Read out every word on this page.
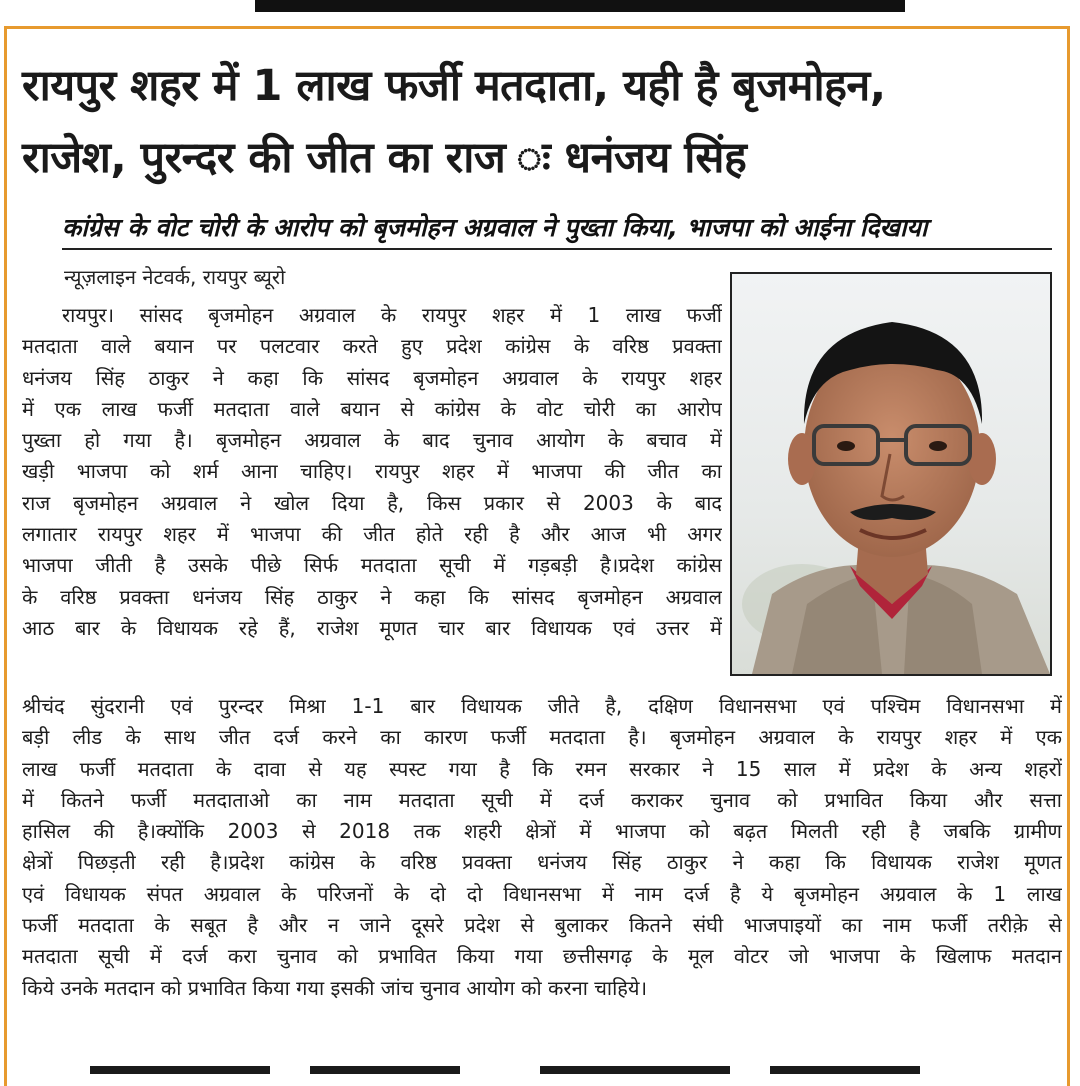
रायपुर शहर में 1 लाख फर्जी मतदाता, यही है बृजमोहन,
राजेश, पुरन्दर की जीत का राज ः धनंजय सिंह
कांग्रेस के वोट चोरी के आरोप को बृजमोहन अग्रवाल ने पुख्ता किया, भाजपा को आईना दिखाया
न्यूज़लाइन नेटवर्क, रायपुर ब्यूरो
रायपुर। सांसद बृजमोहन अग्रवाल के रायपुर शहर में 1 लाख फर्जी
मतदाता वाले बयान पर पलटवार करते हुए प्रदेश कांग्रेस के वरिष्ठ प्रवक्ता
धनंजय सिंह ठाकुर ने कहा कि सांसद बृजमोहन अग्रवाल के रायपुर शहर
में एक लाख फर्जी मतदाता वाले बयान से कांग्रेस के वोट चोरी का आरोप
पुख्ता हो गया है। बृजमोहन अग्रवाल के बाद चुनाव आयोग के बचाव में
खड़ी भाजपा को शर्म आना चाहिए। रायपुर शहर में भाजपा की जीत का
राज बृजमोहन अग्रवाल ने खोल दिया है, किस प्रकार से 2003 के बाद
लगातार रायपुर शहर में भाजपा की जीत होते रही है और आज भी अगर
भाजपा जीती है उसके पीछे सिर्फ मतदाता सूची में गड़बड़ी है।प्रदेश कांग्रेस
के वरिष्ठ प्रवक्ता धनंजय सिंह ठाकुर ने कहा कि सांसद बृजमोहन अग्रवाल
आठ बार के विधायक रहे हैं, राजेश मूणत चार बार विधायक एवं उत्तर में
श्रीचंद सुंदरानी एवं पुरन्दर मिश्रा 1-1 बार विधायक जीते है, दक्षिण विधानसभा एवं पश्चिम विधानसभा में
बड़ी लीड के साथ जीत दर्ज करने का कारण फर्जी मतदाता है। बृजमोहन अग्रवाल के रायपुर शहर में एक
लाख फर्जी मतदाता के दावा से यह स्पस्ट गया है कि रमन सरकार ने 15 साल में प्रदेश के अन्य शहरों
में कितने फर्जी मतदाताओ का नाम मतदाता सूची में दर्ज कराकर चुनाव को प्रभावित किया और सत्ता
हासिल की है।क्योंकि 2003 से 2018 तक शहरी क्षेत्रों में भाजपा को बढ़त मिलती रही है जबकि ग्रामीण
क्षेत्रों पिछड़ती रही है।प्रदेश कांग्रेस के वरिष्ठ प्रवक्ता धनंजय सिंह ठाकुर ने कहा कि विधायक राजेश मूणत
एवं विधायक संपत अग्रवाल के परिजनों के दो दो विधानसभा में नाम दर्ज है ये बृजमोहन अग्रवाल के 1 लाख
फर्जी मतदाता के सबूत है और न जाने दूसरे प्रदेश से बुलाकर कितने संघी भाजपाइयों का नाम फर्जी तरीक़े से
मतदाता सूची में दर्ज करा चुनाव को प्रभावित किया गया छत्तीसगढ़ के मूल वोटर जो भाजपा के खिलाफ मतदान
किये उनके मतदान को प्रभावित किया गया इसकी जांच चुनाव आयोग को करना चाहिये।
